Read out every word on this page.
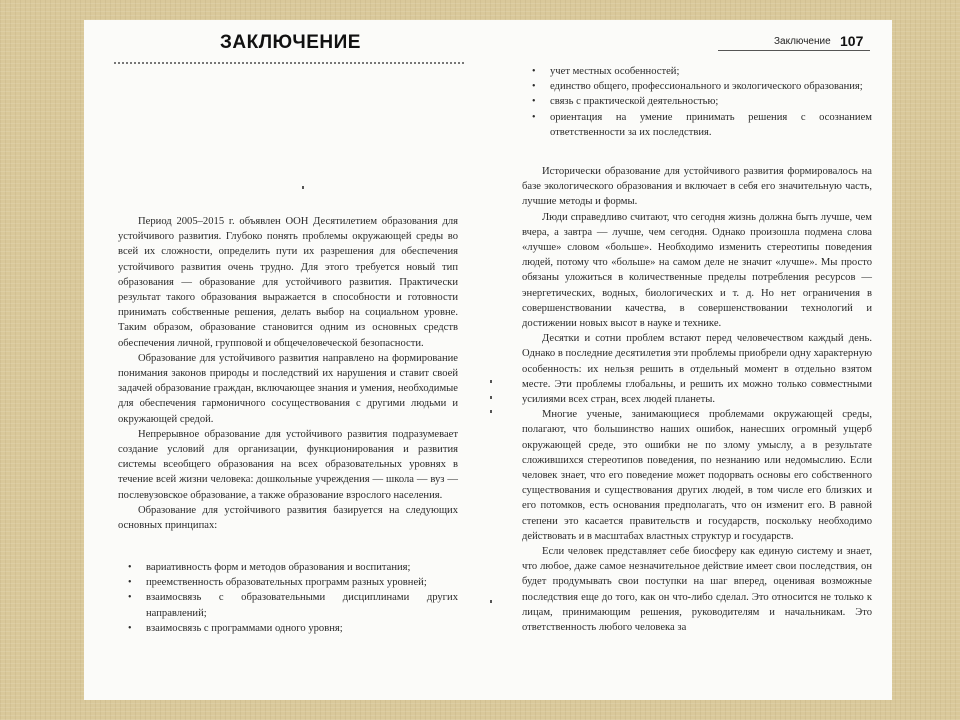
ЗАКЛЮЧЕНИЕ

Период 2005–2015 г. объявлен ООН Десятилетием образования для устойчивого развития. Глубоко понять проблемы окружающей среды во всей их сложности, определить пути их разрешения для обеспечения устойчивого развития очень трудно. Для этого требуется новый тип образования — образование для устойчивого развития. Практически результат такого образования выражается в способности и готовности принимать собственные решения, делать выбор на социальном уровне. Таким образом, образование становится одним из основных средств обеспечения личной, групповой и общечеловеческой безопасности.

Образование для устойчивого развития направлено на формирование понимания законов природы и последствий их нарушения и ставит своей задачей образование граждан, включающее знания и умения, необходимые для обеспечения гармоничного сосуществования с другими людьми и окружающей средой.

Непрерывное образование для устойчивого развития подразумевает создание условий для организации, функционирования и развития системы всеобщего образования на всех образовательных уровнях в течение всей жизни человека: дошкольные учреждения — школа — вуз — послевузовское образование, а также образование взрослого населения.

Образование для устойчивого развития базируется на следующих основных принципах:

• вариативность форм и методов образования и воспитания;
• преемственность образовательных программ разных уровней;
• взаимосвязь с образовательными дисциплинами других направлений;
• взаимосвязь с программами одного уровня;
Заключение 107
• учет местных особенностей;
• единство общего, профессионального и экологического образования;
• связь с практической деятельностью;
• ориентация на умение принимать решения с осознанием ответственности за их последствия.

Исторически образование для устойчивого развития формировалось на базе экологического образования и включает в себя его значительную часть, лучшие методы и формы.

Люди справедливо считают, что сегодня жизнь должна быть лучше, чем вчера, а завтра — лучше, чем сегодня. Однако произошла подмена слова «лучше» словом «больше». Необходимо изменить стереотипы поведения людей, потому что «больше» на самом деле не значит «лучше». Мы просто обязаны уложиться в количественные пределы потребления ресурсов — энергетических, водных, биологических и т. д. Но нет ограничения в совершенствовании качества, в совершенствовании технологий и достижении новых высот в науке и технике.

Десятки и сотни проблем встают перед человечеством каждый день. Однако в последние десятилетия эти проблемы приобрели одну характерную особенность: их нельзя решить в отдельный момент в отдельно взятом месте. Эти проблемы глобальны, и решить их можно только совместными усилиями всех стран, всех людей планеты.

Многие ученые, занимающиеся проблемами окружающей среды, полагают, что большинство наших ошибок, нанесших огромный ущерб окружающей среде, это ошибки не по злому умыслу, а в результате сложившихся стереотипов поведения, по незнанию или недомыслию. Если человек знает, что его поведение может подорвать основы его собственного существования и существования других людей, в том числе его близких и его потомков, есть основания предполагать, что он изменит его. В равной степени это касается правительств и государств, поскольку необходимо действовать и в масштабах властных структур и государств.

Если человек представляет себе биосферу как единую систему и знает, что любое, даже самое незначительное действие имеет свои последствия, он будет продумывать свои поступки на шаг вперед, оценивая возможные последствия еще до того, как он что-либо сделал. Это относится не только к лицам, принимающим решения, руководителям и начальникам. Это ответственность любого человека за
